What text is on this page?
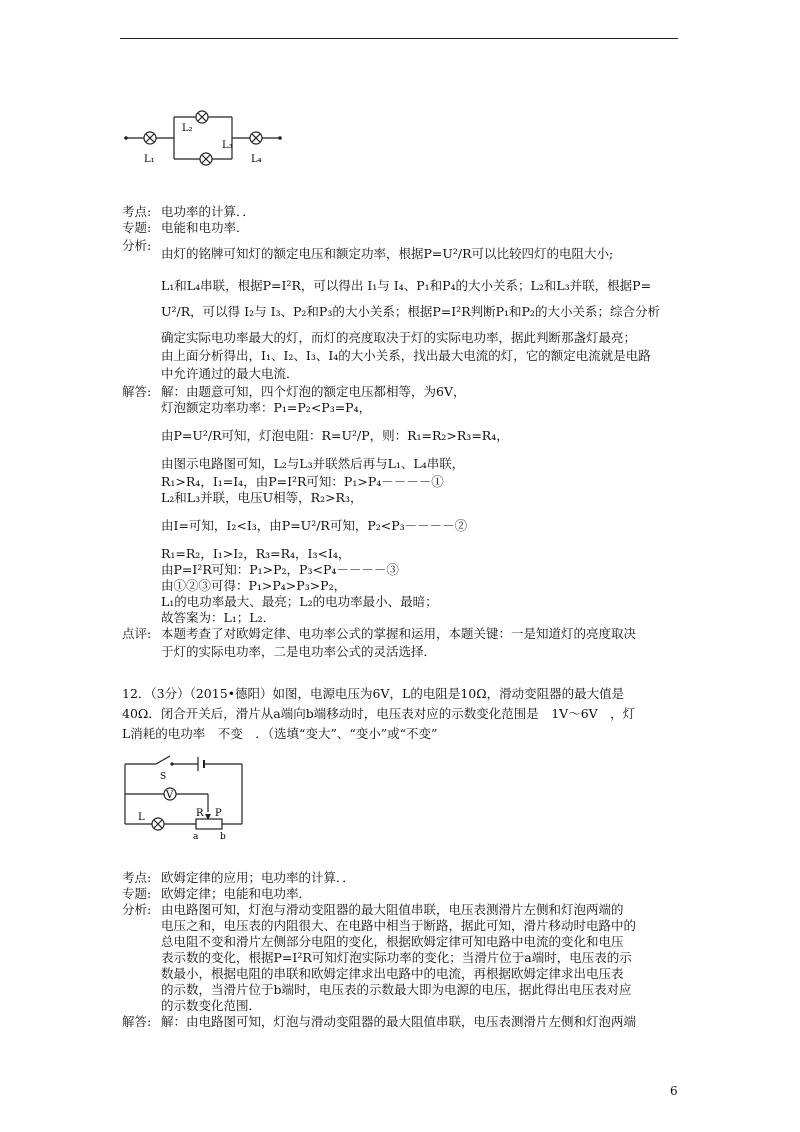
L₁
L₂
L₃
L₄
考点: 电功率的计算．．
专题: 电能和电功率．
分析:
由灯的铭牌可知灯的额定电压和额定功率，根据P=U²/R可以比较四灯的电阻大小;
L₁和L₄串联，根据P=I²R，可以得出 I₁与 I₄、P₁和P₄的大小关系；L₂和L₃并联，根据P=
U²/R，可以得 I₂与 I₃、P₂和P₃的大小关系；根据P=I²R判断P₁和P₂的大小关系；综合分析
确定实际电功率最大的灯，而灯的亮度取决于灯的实际电功率，据此判断那盏灯最亮；
由上面分析得出，I₁、I₂、I₃、I₄的大小关系，找出最大电流的灯，它的额定电流就是电路
中允许通过的最大电流．
解答: 解：由题意可知，四个灯泡的额定电压都相等，为6V，
灯泡额定功率功率：P₁=P₂<P₃=P₄，
由P=U²/R可知，灯泡电阻：R=U²/P，则：R₁=R₂>R₃=R₄，
由图示电路图可知，L₂与L₃并联然后再与L₁、L₄串联，
R₁>R₄，I₁=I₄，由P=I²R可知：P₁>P₄－－－－①
L₂和L₃并联，电压U相等，R₂>R₃，
由I=可知，I₂<I₃，由P=U²/R可知，P₂<P₃－－－－②
R₁=R₂，I₁>I₂，R₃=R₄，I₃<I₄，
由P=I²R可知：P₁>P₂，P₃<P₄－－－－③
由①②③可得：P₁>P₄>P₃>P₂，
L₁的电功率最大、最亮；L₂的电功率最小、最暗；
故答案为：L₁；L₂．
点评: 本题考查了对欧姆定律、电功率公式的掌握和运用，本题关键：一是知道灯的亮度取决
于灯的实际电功率，二是电功率公式的灵活选择．
12．（3分）（2015•德阳）如图，电源电压为6V，L的电阻是10Ω，滑动变阻器的最大值是
40Ω．闭合开关后，滑片从a端向b端移动时，电压表对应的示数变化范围是　1V～6V　，灯
L消耗的电功率　不变　．（选填“变大”、“变小”或“不变”
S
V
L	R P
a b
考点: 欧姆定律的应用；电功率的计算．．
专题: 欧姆定律；电能和电功率．
分析: 由电路图可知，灯泡与滑动变阻器的最大阻值串联，电压表测滑片左侧和灯泡两端的
电压之和，电压表的内阻很大、在电路中相当于断路，据此可知，滑片移动时电路中的
总电阻不变和滑片左侧部分电阻的变化，根据欧姆定律可知电路中电流的变化和电压
表示数的变化，根据P=I²R可知灯泡实际功率的变化；当滑片位于a端时，电压表的示
数最小，根据电阻的串联和欧姆定律求出电路中的电流，再根据欧姆定律求出电压表
的示数，当滑片位于b端时，电压表的示数最大即为电源的电压，据此得出电压表对应
的示数变化范围．
解答: 解：由电路图可知，灯泡与滑动变阻器的最大阻值串联，电压表测滑片左侧和灯泡两端
6
